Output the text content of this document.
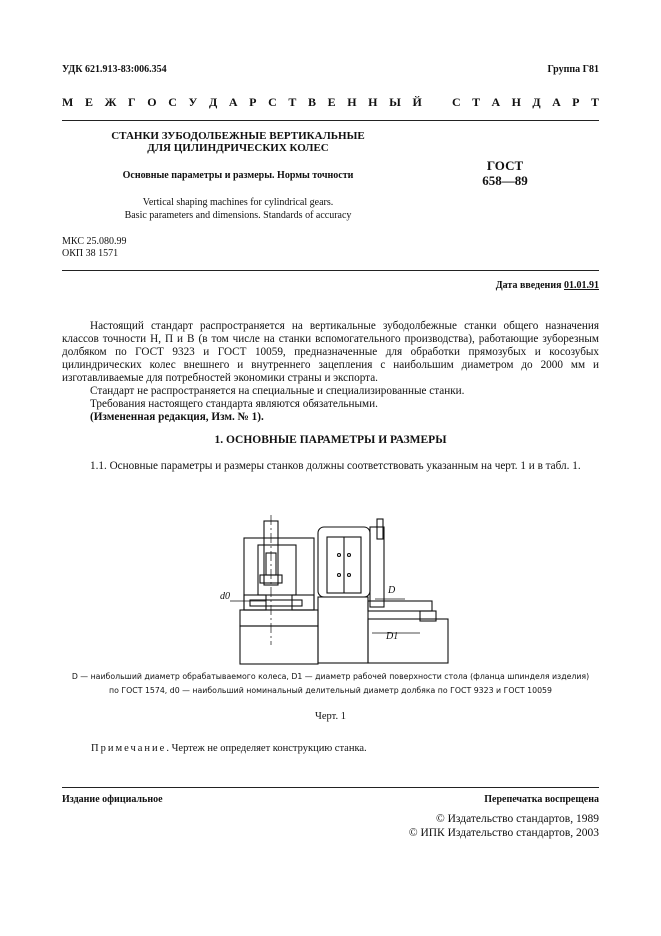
УДК 621.913-83:006.354	Группа Г81
М Е Ж Г О С У Д А Р С Т В Е Н Н Ы Й	С Т А Н Д А Р Т
СТАНКИ ЗУБОДОЛБЕЖНЫЕ ВЕРТИКАЛЬНЫЕ
ДЛЯ ЦИЛИНДРИЧЕСКИХ КОЛЕС
Основные параметры и размеры. Нормы точности
Vertical shaping machines for cylindrical gears.
Basic parameters and dimensions. Standards of accuracy
ГОСТ
658—89
МКС 25.080.99
ОКП 38 1571
Дата введения 01.01.91

Настоящий стандарт распространяется на вертикальные зубодолбежные станки общего назначения классов точности Н, П и В (в том числе на станки вспомогательного производства), работающие зуборезным долбяком по ГОСТ 9323 и ГОСТ 10059, предназначенные для обработки прямозубых и косозубых цилиндрических колес внешнего и внутреннего зацепления с наибольшим диаметром до 2000 мм и изготавливаемые для потребностей экономики страны и экспорта.

Стандарт не распространяется на специальные и специализированные станки.

Требования настоящего стандарта являются обязательными.

(Измененная редакция, Изм. № 1).

1. ОСНОВНЫЕ ПАРАМЕТРЫ И РАЗМЕРЫ

1.1. Основные параметры и размеры станков должны соответствовать указанным на черт. 1 и в табл. 1.

d0
D
D1
D — наибольший диаметр обрабатываемого колеса, D1 — диаметр рабочей поверхности стола (фланца шпинделя изделия)
по ГОСТ 1574, d0 — наибольший номинальный делительный диаметр долбяка по ГОСТ 9323 и ГОСТ 10059
Черт. 1
Примечание. Чертеж не определяет конструкцию станка.
Издание официальное	Перепечатка воспрещена
© Издательство стандартов, 1989
© ИПК Издательство стандартов, 2003
